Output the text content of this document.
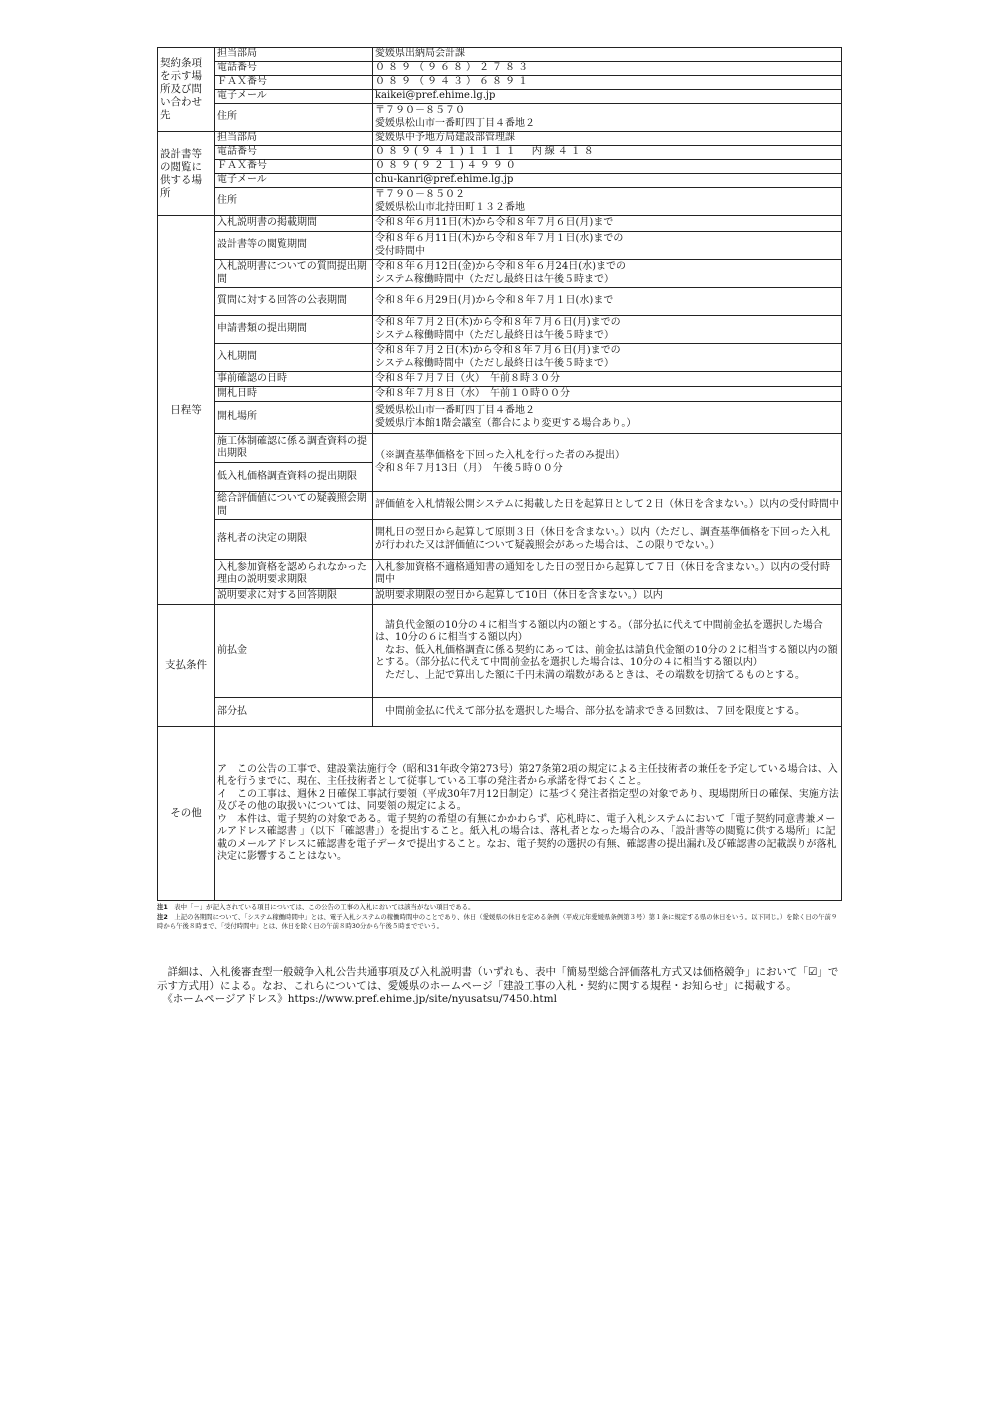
契約条項を示す場所及び問い合わせ先	担当部局	愛媛県出納局会計課
	電話番号	０８９（９６８）２７８３
	ＦＡＸ番号	０８９（９４３）６８９１
	電子メール	kaikei@pref.ehime.lg.jp
	住所	〒７９０－８５７０
愛媛県松山市一番町四丁目４番地２
設計書等の閲覧に供する場所	担当部局	愛媛県中予地方局建設部管理課
	電話番号	０８９(９４１)１１１１　内線４１８
	ＦＡＸ番号	０８９(９２１)４９９０
	電子メール	chu-kanri@pref.ehime.lg.jp
	住所	〒７９０－８５０２
愛媛県松山市北持田町１３２番地
日程等	入札説明書の掲載期間	令和８年６月11日(木)から令和８年７月６日(月)まで
	設計書等の閲覧期間	令和８年６月11日(木)から令和８年７月１日(水)までの
受付時間中
	入札説明書についての質問提出期間	令和８年６月12日(金)から令和８年６月24日(水)までの
システム稼働時間中（ただし最終日は午後５時まで）
	質問に対する回答の公表期間	令和８年６月29日(月)から令和８年７月１日(水)まで
	申請書類の提出期間	令和８年７月２日(木)から令和８年７月６日(月)までの
システム稼働時間中（ただし最終日は午後５時まで）
	入札期間	令和８年７月２日(木)から令和８年７月６日(月)までの
システム稼働時間中（ただし最終日は午後５時まで）
	事前確認の日時	令和８年７月７日（火）　午前８時３０分
	開札日時	令和８年７月８日（水）　午前１０時００分
	開札場所	愛媛県松山市一番町四丁目４番地２
愛媛県庁本館1階会議室（都合により変更する場合あり。）
	施工体制確認に係る調査資料の提出期限	（※調査基準価格を下回った入札を行った者のみ提出）
令和８年７月13日（月）　午後５時００分
	低入札価格調査資料の提出期限	
	総合評価値についての疑義照会期間	評価値を入札情報公開システムに掲載した日を起算日として２日（休日を含まない。）以内の受付時間中
	落札者の決定の期限	開札日の翌日から起算して原則３日（休日を含まない。）以内（ただし、調査基準価格を下回った入札が行われた又は評価値について疑義照会があった場合は、この限りでない。）
	入札参加資格を認められなかった理由の説明要求期限	入札参加資格不適格通知書の通知をした日の翌日から起算して７日（休日を含まない。）以内の受付時間中
	説明要求に対する回答期限	説明要求期限の翌日から起算して10日（休日を含まない。）以内
支払条件	前払金	請負代金額の10分の４に相当する額以内の額とする。（部分払に代えて中間前金払を選択した場合は、10分の６に相当する額以内）
なお、低入札価格調査に係る契約にあっては、前金払は請負代金額の10分の２に相当する額以内の額とする。（部分払に代えて中間前金払を選択した場合は、10分の４に相当する額以内）
ただし、上記で算出した額に千円未満の端数があるときは、その端数を切捨てるものとする。

	部分払	中間前金払に代えて部分払を選択した場合、部分払を請求できる回数は、７回を限度とする。
その他	ア　この公告の工事で、建設業法施行令（昭和31年政令第273号）第27条第2項の規定による主任技術者の兼任を予定している場合は、入札を行うまでに、現在、主任技術者として従事している工事の発注者から承諾を得ておくこと。
イ　この工事は、週休２日確保工事試行要領（平成30年7月12日制定）に基づく発注者指定型の対象であり、現場閉所日の確保、実施方法及びその他の取扱いについては、同要領の規定による。
ウ　本件は、電子契約の対象である。電子契約の希望の有無にかかわらず、応札時に、電子入札システムにおいて「電子契約同意書兼メールアドレス確認書 」（以下「確認書」）を提出すること。紙入札の場合は、落札者となった場合のみ、「設計書等の閲覧に供する場所」に記載のメールアドレスに確認書を電子データで提出すること。なお、電子契約の選択の有無、確認書の提出漏れ及び確認書の記載誤りが落札決定に影響することはない。	
注1　 表中「－」が記入されている項目については、この公告の工事の入札においては該当がない項目である。
注2　 上記の各期間について、「システム稼働時間中」とは、電子入札システムの稼働時間中のことであり、休日（愛媛県の休日を定める条例（平成元年愛媛県条例第３号）第１条に規定する県の休日をいう。以下同じ。）を除く日の午前９時から午後８時まで、「受付時間中」とは、休日を除く日の午前８時30分から午後５時まででいう。

　詳細は、入札後審査型一般競争入札公告共通事項及び入札説明書（いずれも、表中「簡易型総合評価落札方式又は価格競争」において「☑」で示す方式用）による。なお、これらについては、愛媛県のホームページ「建設工事の入札・契約に関する規程・お知らせ」に掲載する。

　《ホームページアドレス》https://www.pref.ehime.jp/site/nyusatsu/7450.html
